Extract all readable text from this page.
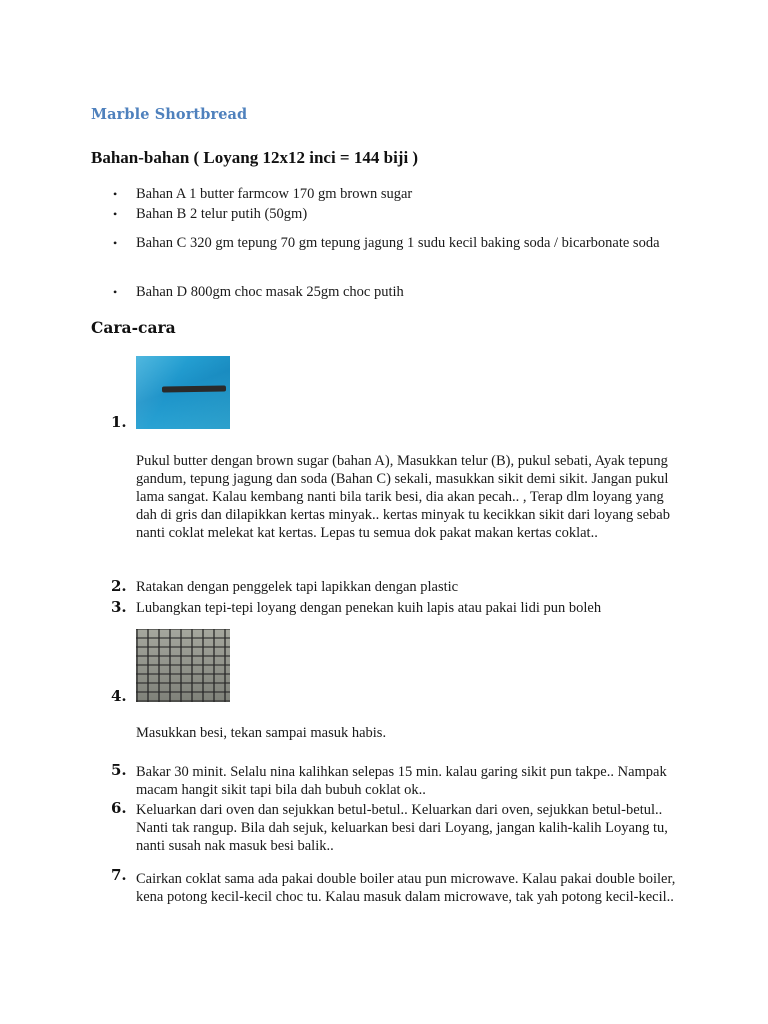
Marble Shortbread
Bahan-bahan ( Loyang 12x12 inci = 144 biji )
• Bahan A 1 butter farmcow 170 gm brown sugar
• Bahan B 2 telur putih (50gm)
• Bahan C 320 gm tepung 70 gm tepung jagung 1 sudu kecil baking soda / bicarbonate soda
• Bahan D 800gm choc masak 25gm choc putih
Cara-cara
1.
Pukul butter dengan brown sugar (bahan A), Masukkan telur (B), pukul sebati, Ayak tepung gandum, tepung jagung dan soda (Bahan C) sekali, masukkan sikit demi sikit. Jangan pukul lama sangat. Kalau kembang nanti bila tarik besi, dia akan pecah.. , Terap dlm loyang yang dah di gris dan dilapikkan kertas minyak.. kertas minyak tu kecikkan sikit dari loyang sebab nanti coklat melekat kat kertas. Lepas tu semua dok pakat makan kertas coklat..
2. Ratakan dengan penggelek tapi lapikkan dengan plastic
3. Lubangkan tepi-tepi loyang dengan penekan kuih lapis atau pakai lidi pun boleh
4.
Masukkan besi, tekan sampai masuk habis.
5. Bakar 30 minit. Selalu nina kalihkan selepas 15 min. kalau garing sikit pun takpe.. Nampak macam hangit sikit tapi bila dah bubuh coklat ok..
6. Keluarkan dari oven dan sejukkan betul-betul.. Keluarkan dari oven, sejukkan betul-betul.. Nanti tak rangup. Bila dah sejuk, keluarkan besi dari Loyang, jangan kalih-kalih Loyang tu, nanti susah nak masuk besi balik..
7. Cairkan coklat sama ada pakai double boiler atau pun microwave. Kalau pakai double boiler, kena potong kecil-kecil choc tu. Kalau masuk dalam microwave, tak yah potong kecil-kecil..
